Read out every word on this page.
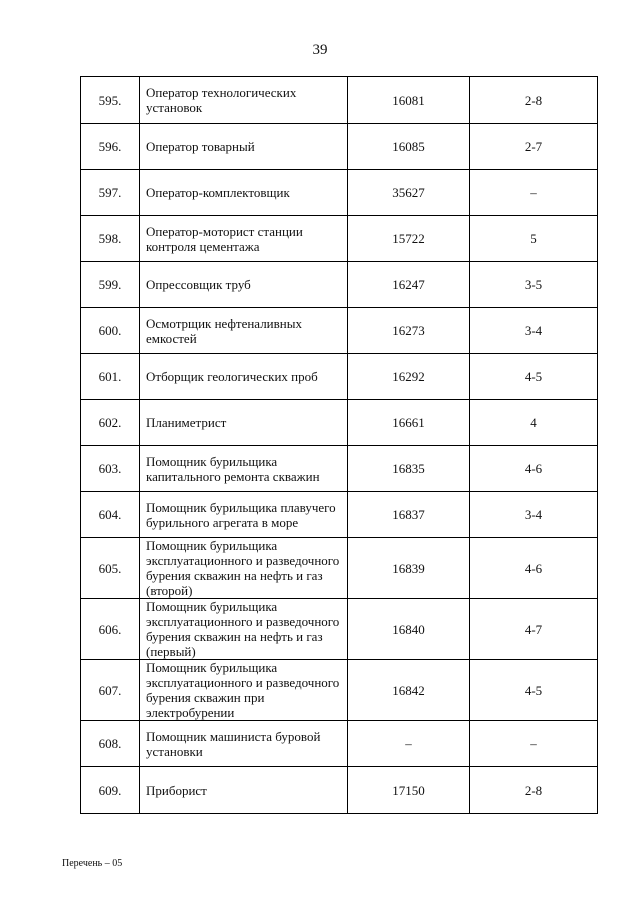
39
595.	Оператор технологических установок	16081	2-8
596.	Оператор товарный	16085	2-7
597.	Оператор-комплектовщик	35627	–
598.	Оператор-моторист станции контроля цементажа	15722	5
599.	Опрессовщик труб	16247	3-5
600.	Осмотрщик нефтеналивных емкостей	16273	3-4
601.	Отборщик геологических проб	16292	4-5
602.	Планиметрист	16661	4
603.	Помощник бурильщика капитального ремонта скважин	16835	4-6
604.	Помощник бурильщика плавучего бурильного агрегата в море	16837	3-4
605.	Помощник бурильщика эксплуатационного и разведочного бурения скважин на нефть и газ (второй)	16839	4-6
606.	Помощник бурильщика эксплуатационного и разведочного бурения скважин на нефть и газ (первый)	16840	4-7
607.	Помощник бурильщика эксплуатационного и разведочного бурения скважин при электробурении	16842	4-5
608.	Помощник машиниста буровой установки	–	–
609.	Приборист	17150	2-8
Перечень – 05
